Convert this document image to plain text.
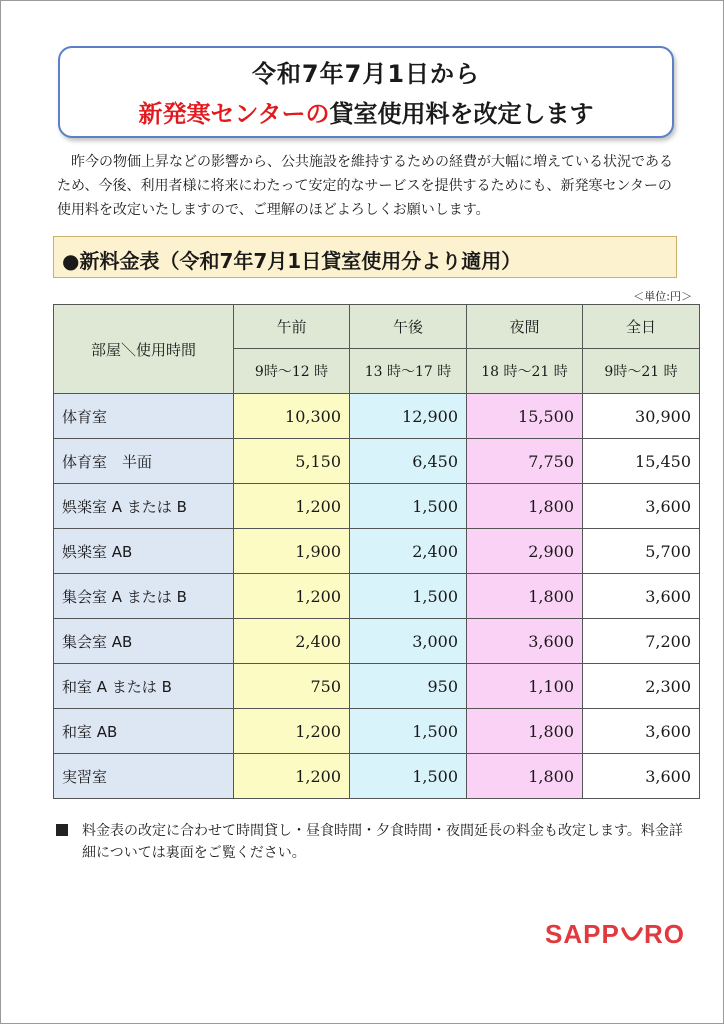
令和7年7月1日から
新発寒センターの貸室使用料を改定します
昨今の物価上昇などの影響から、公共施設を維持するための経費が大幅に増えている状況であるため、今後、利用者様に将来にわたって安定的なサービスを提供するためにも、新発寒センターの使用料を改定いたしますので、ご理解のほどよろしくお願いします。
●新料金表（令和7年7月1日貸室使用分より適用）
＜単位:円＞
部屋＼使用時間	午前	午後	夜間	全日
	9時～12 時	13 時～17 時	18 時～21 時	9時～21 時
体育室	10,300	12,900	15,500	30,900
体育室　半面	5,150	6,450	7,750	15,450
娯楽室 A または B	1,200	1,500	1,800	3,600
娯楽室 AB	1,900	2,400	2,900	5,700
集会室 A または B	1,200	1,500	1,800	3,600
集会室 AB	2,400	3,000	3,600	7,200
和室 A または B	750	950	1,100	2,300
和室 AB	1,200	1,500	1,800	3,600
実習室	1,200	1,500	1,800	3,600
料金表の改定に合わせて時間貸し・昼食時間・夕食時間・夜間延長の料金も改定します。料金詳細については裏面をご覧ください。
SAPP RO
